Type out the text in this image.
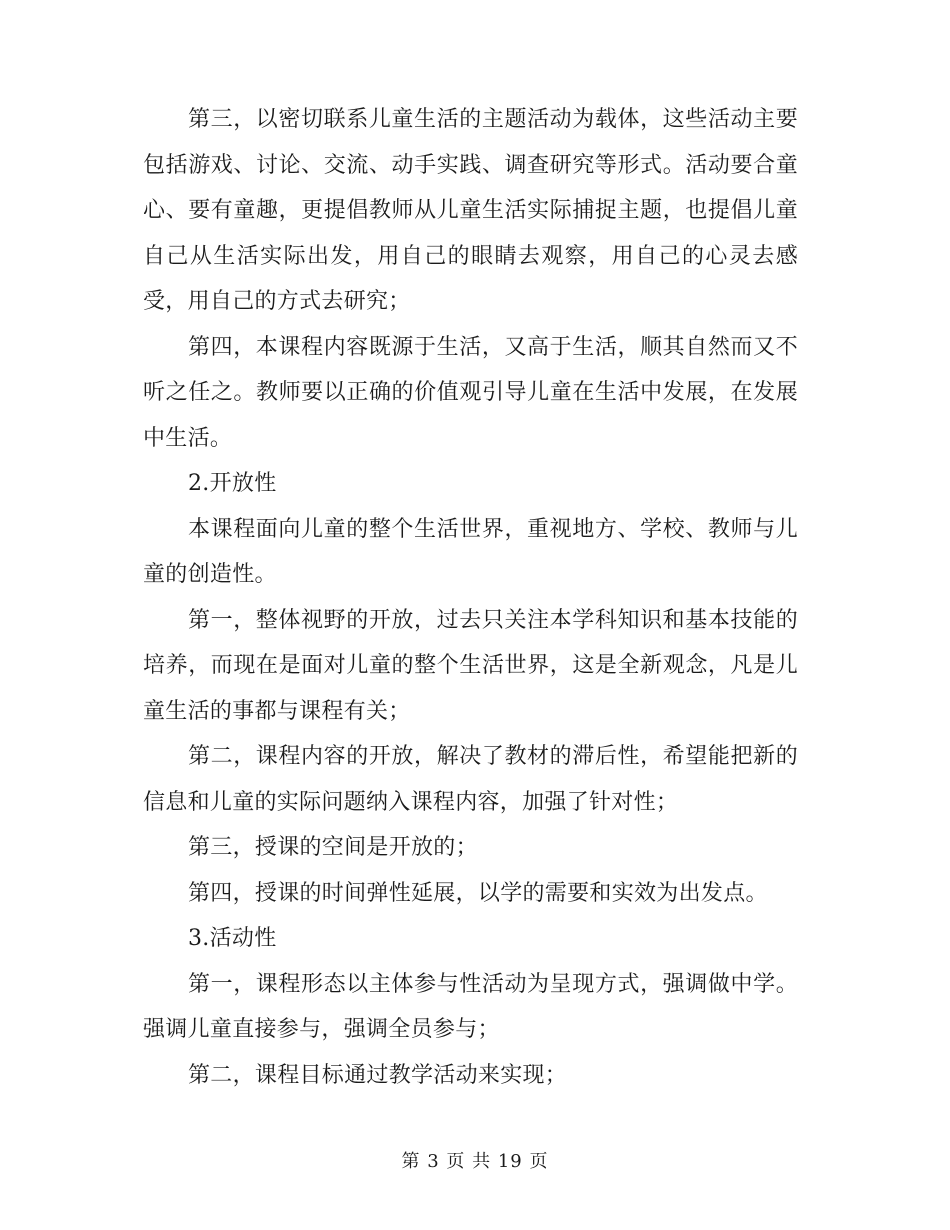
第三，以密切联系儿童生活的主题活动为载体，这些活动主要包括游戏、讨论、交流、动手实践、调查研究等形式。活动要合童心、要有童趣，更提倡教师从儿童生活实际捕捉主题，也提倡儿童自己从生活实际出发，用自己的眼睛去观察，用自己的心灵去感受，用自己的方式去研究；

第四，本课程内容既源于生活，又高于生活，顺其自然而又不听之任之。教师要以正确的价值观引导儿童在生活中发展，在发展中生活。

2.开放性

本课程面向儿童的整个生活世界，重视地方、学校、教师与儿童的创造性。

第一，整体视野的开放，过去只关注本学科知识和基本技能的培养，而现在是面对儿童的整个生活世界，这是全新观念，凡是儿童生活的事都与课程有关；

第二，课程内容的开放，解决了教材的滞后性，希望能把新的信息和儿童的实际问题纳入课程内容，加强了针对性；

第三，授课的空间是开放的；

第四，授课的时间弹性延展，以学的需要和实效为出发点。

3.活动性

第一，课程形态以主体参与性活动为呈现方式，强调做中学。强调儿童直接参与，强调全员参与；

第二，课程目标通过教学活动来实现；

第 3 页 共 19 页
